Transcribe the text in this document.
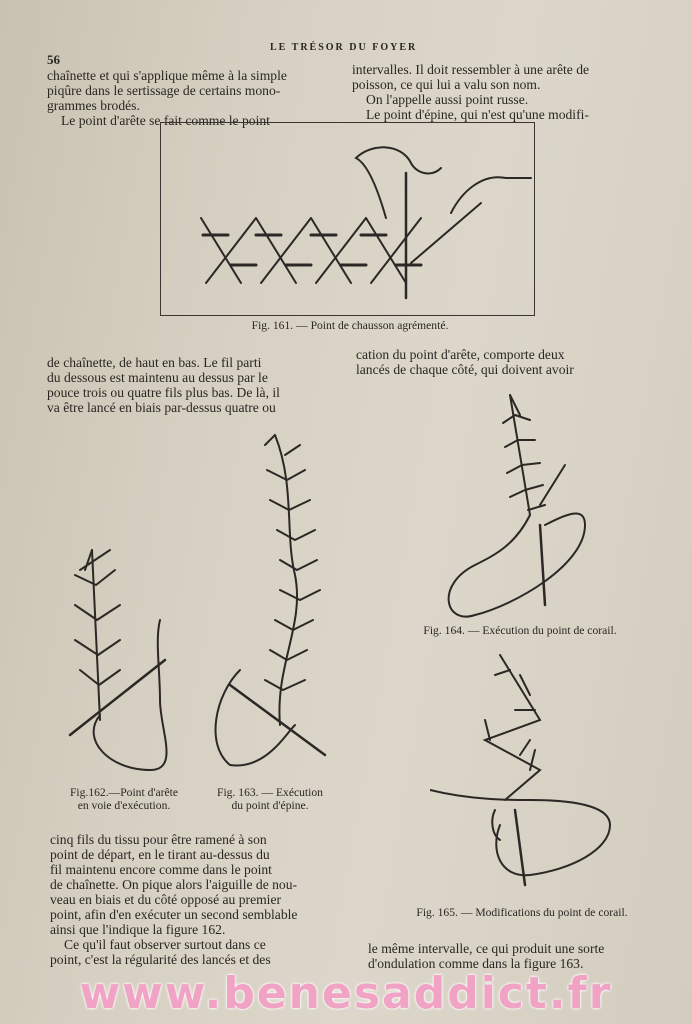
56
LE TRÉSOR DU FOYER

chaînette et qui s'applique même à la simple

piqûre dans le sertissage de certains mono-

grammes brodés.

Le point d'arête se fait comme le point

intervalles. Il doit ressembler à une arête de

poisson, ce qui lui a valu son nom.

On l'appelle aussi point russe.

Le point d'épine, qui n'est qu'une modifi-

Fig. 161. — Point de chausson agrémenté.

de chaînette, de haut en bas. Le fil parti

du dessous est maintenu au dessus par le

pouce trois ou quatre fils plus bas. De là, il

va être lancé en biais par-dessus quatre ou

cation du point d'arête, comporte deux

lancés de chaque côté, qui doivent avoir

Fig.162.—Point d'arête
en voie d'exécution.
Fig. 163. — Exécution
du point d'épine.
Fig. 164. — Exécution du point de corail.
Fig. 165. — Modifications du point de corail.

cinq fils du tissu pour être ramené à son

point de départ, en le tirant au-dessus du

fil maintenu encore comme dans le point

de chaînette. On pique alors l'aiguille de nou-

veau en biais et du côté opposé au premier

point, afin d'en exécuter un second semblable

ainsi que l'indique la figure 162.

Ce qu'il faut observer surtout dans ce

point, c'est la régularité des lancés et des

le même intervalle, ce qui produit une sorte

d'ondulation comme dans la figure 163.

www.benesaddict.fr
